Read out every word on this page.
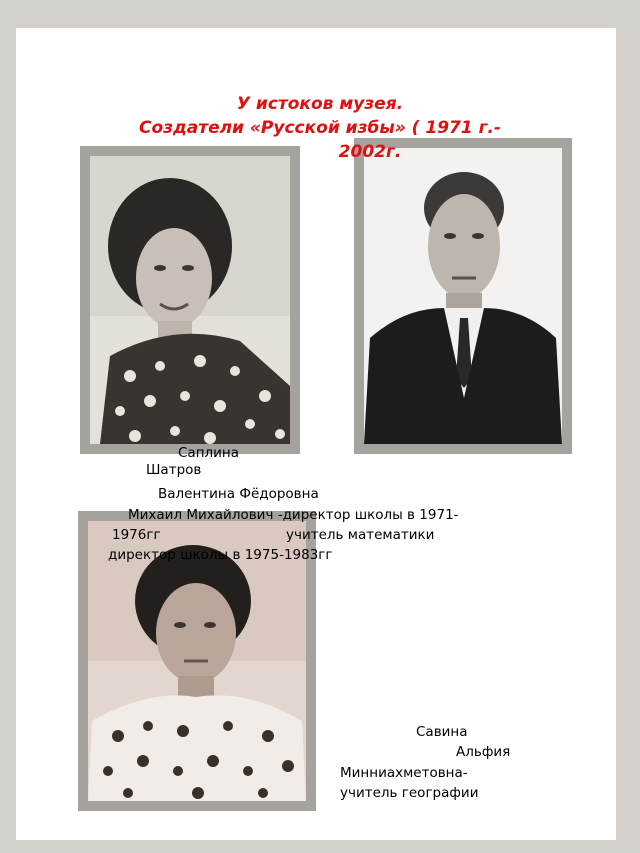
У истоков музея.
Создатели «Русской избы» ( 1971 г.-
2002г.
Саплина
Шатров
Валентина Фёдоровна
Михаил Михайлович -директор школы в 1971-
1976гг	учитель математики
директор школы в 1975-1983гг
Савина
Альфия
Минниахметовна-
учитель географии
